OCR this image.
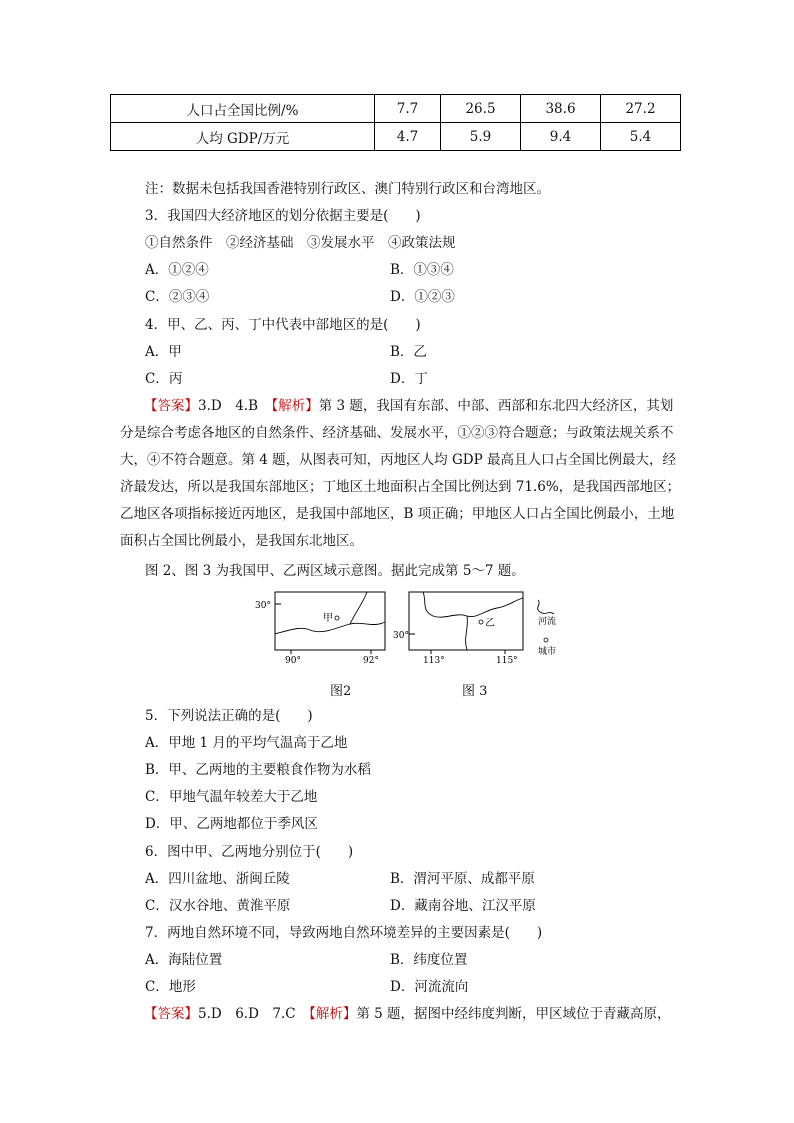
人口占全国比例/%	7.7	26.5	38.6	27.2
人均 GDP/万元	4.7	5.9	9.4	5.4
注：数据未包括我国香港特别行政区、澳门特别行政区和台湾地区。
3．我国四大经济地区的划分依据主要是(　　)
①自然条件　②经济基础　③发展水平　④政策法规
A．①②④	B．①③④
C．②③④	D．①②③
4．甲、乙、丙、丁中代表中部地区的是(　　)
A．甲	B．乙
C．丙	D．丁
【答案】3.D　4.B　【解析】第 3 题，我国有东部、中部、西部和东北四大经济区，其划分是综合考虑各地区的自然条件、经济基础、发展水平，①②③符合题意；与政策法规关系不大，④不符合题意。第 4 题，从图表可知，丙地区人均 GDP 最高且人口占全国比例最大，经济最发达，所以是我国东部地区；丁地区土地面积占全国比例达到 71.6%，是我国西部地区；乙地区各项指标接近丙地区，是我国中部地区，B 项正确；甲地区人口占全国比例最小，土地面积占全国比例最小，是我国东北地区。
图 2、图 3 为我国甲、乙两区域示意图。据此完成第 5～7 题。
30°
90°	92°
甲
图2
30°
113°	115°
乙
图 3
河流
城市
5．下列说法正确的是(　　)
A．甲地 1 月的平均气温高于乙地
B．甲、乙两地的主要粮食作物为水稻
C．甲地气温年较差大于乙地
D．甲、乙两地都位于季风区
6．图中甲、乙两地分别位于(　　)
A．四川盆地、浙闽丘陵	B．渭河平原、成都平原
C．汉水谷地、黄淮平原	D．藏南谷地、江汉平原
7．两地自然环境不同，导致两地自然环境差异的主要因素是(　　)
A．海陆位置	B．纬度位置
C．地形	D．河流流向
【答案】5.D　6.D　7.C　【解析】第 5 题，据图中经纬度判断，甲区域位于青藏高原，
